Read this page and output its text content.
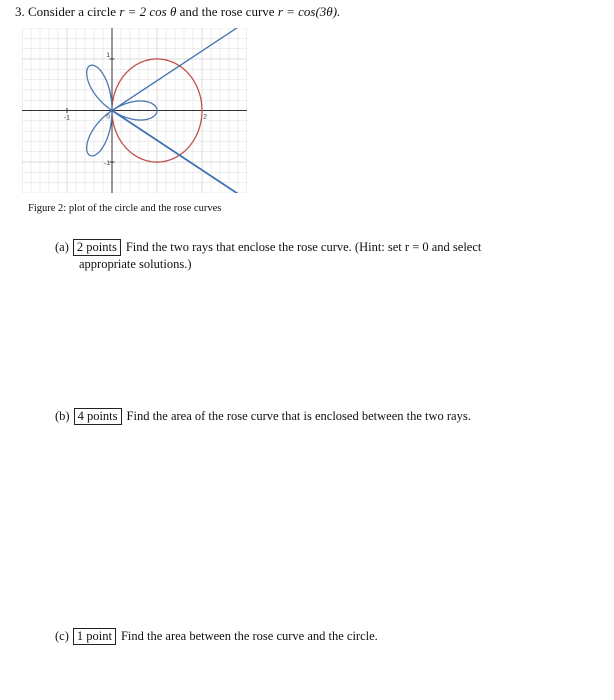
3. Consider a circle r = 2 cos θ and the rose curve r = cos(3θ).
-1	2
1
-1
0
Figure 2: plot of the circle and the rose curves
(a) 2 points Find the two rays that enclose the rose curve. (Hint: set r = 0 and select
appropriate solutions.)
(b) 4 points Find the area of the rose curve that is enclosed between the two rays.
(c) 1 point Find the area between the rose curve and the circle.
